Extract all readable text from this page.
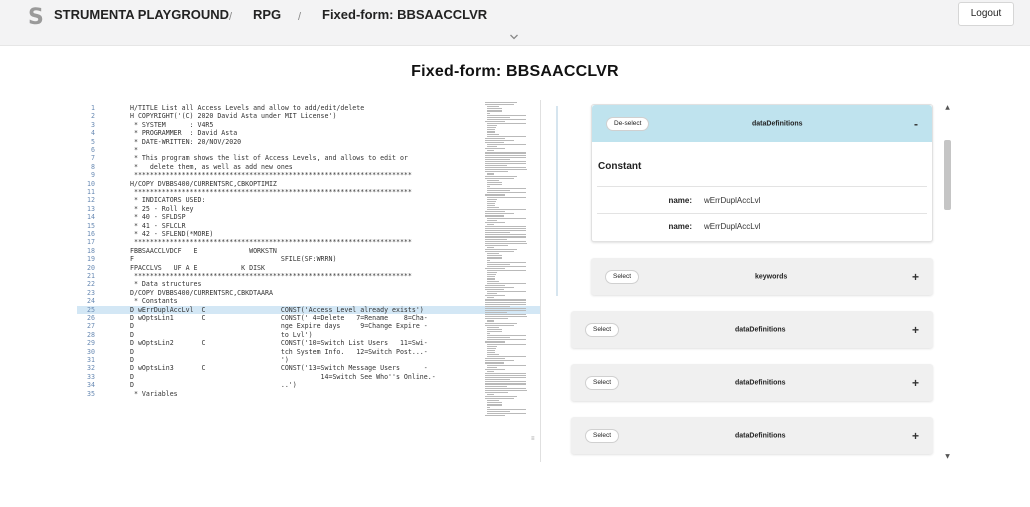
S STRUMENTA PLAYGROUND / RPG / Fixed-form: BBSAACCLVR	Logout
Fixed-form: BBSAACCLVR
1	H/TITLE List all Access Levels and allow to add/edit/delete
2	H COPYRIGHT('(C) 2020 David Asta under MIT License')
3	* SYSTEM      : V4R5
4	* PROGRAMMER  : David Asta
5	* DATE-WRITTEN: 20/NOV/2020
6	*
7	* This program shows the list of Access Levels, and allows to edit or
8	*   delete them, as well as add new ones
9	**********************************************************************
10	H/COPY DVBBS400/CURRENTSRC,CBKOPTIMIZ
11	**********************************************************************
12	* INDICATORS USED:
13	* 25 - Roll key
14	* 40 - SFLDSP
15	* 41 - SFLCLR
16	* 42 - SFLEND(*MORE)
17	**********************************************************************
18	FBBSAACCLVDCF   E             WORKSTN
19	F                                     SFILE(SF:WRRN)
20	FPACCLVS   UF A E           K DISK
21	**********************************************************************
22	* Data structures
23	D/COPY DVBBS400/CURRENTSRC,CBKDTAARA
24	* Constants
25	D wErrDuplAccLvl  C                   CONST('Access Level already exists')
26	D wOptsLin1       C                   CONST(' 4=Delete   7=Rename    8=Cha-
27	D                                     nge Expire days     9=Change Expire -
28	D                                     to Lvl')
29	D wOptsLin2       C                   CONST('10=Switch List Users   11=Swi-
30	D                                     tch System Info.   12=Switch Post...-
31	D                                     ')
32	D wOptsLin3       C                   CONST('13=Switch Message Users      -
33	D                                               14=Switch See Who''s Online.-
34	D                                     ..')
35	* Variables
≡
De-select	dataDefinitions	-
Constant
name: wErrDuplAccLvl
name: wErrDuplAccLvl
Select	keywords	+
Select	dataDefinitions	+
Select	dataDefinitions	+
Select	dataDefinitions	+
▲
▼
